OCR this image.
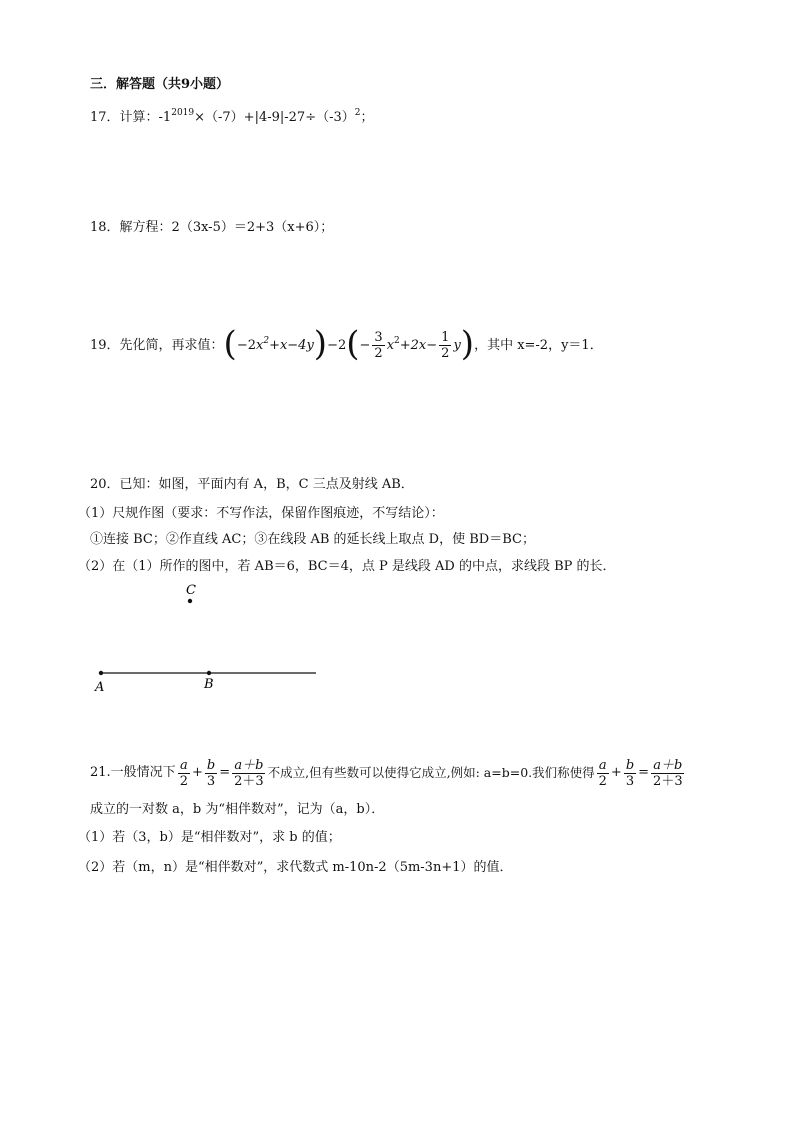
三．解答题（共9小题）
17．计算：$-1^{2019}\times(-7)+|4-9|-27\div(-3)^2$；
18．解方程：2（3x-5）＝2+3（x+6）；
19．先化简，再求值： ( $-2x^2+x-4y$ ) −2 ( − $\frac{3}{2} x^2+2x- \frac{1}{2}$ y ) ，其中 x=-2，y＝1．
20．已知：如图，平面内有 A，B，C 三点及射线 AB．
（1）尺规作图（要求：不写作法，保留作图痕迹，不写结论）：
①连接 BC；②作直线 AC；③在线段 AB 的延长线上取点 D，使 BD＝BC；
（2）在（1）所作的图中，若 AB＝6，BC＝4，点 P 是线段 AD 的中点，求线段 BP 的长．
A	B
C
21.一般情况下 $\frac{a}{2} + \frac{b}{3} = \frac{a+b}{2+3}$ 不成立,但有些数可以使得它成立,例如: a=b=0.我们称使得 $\frac{a}{2} + \frac{b}{3} = \frac{a+b}{2+3}$
成立的一对数 a，b 为“相伴数对”，记为（a，b）．
（1）若（3，b）是“相伴数对”，求 b 的值；
（2）若（m，n）是“相伴数对”，求代数式 m-10n-2（5m-3n+1）的值．
